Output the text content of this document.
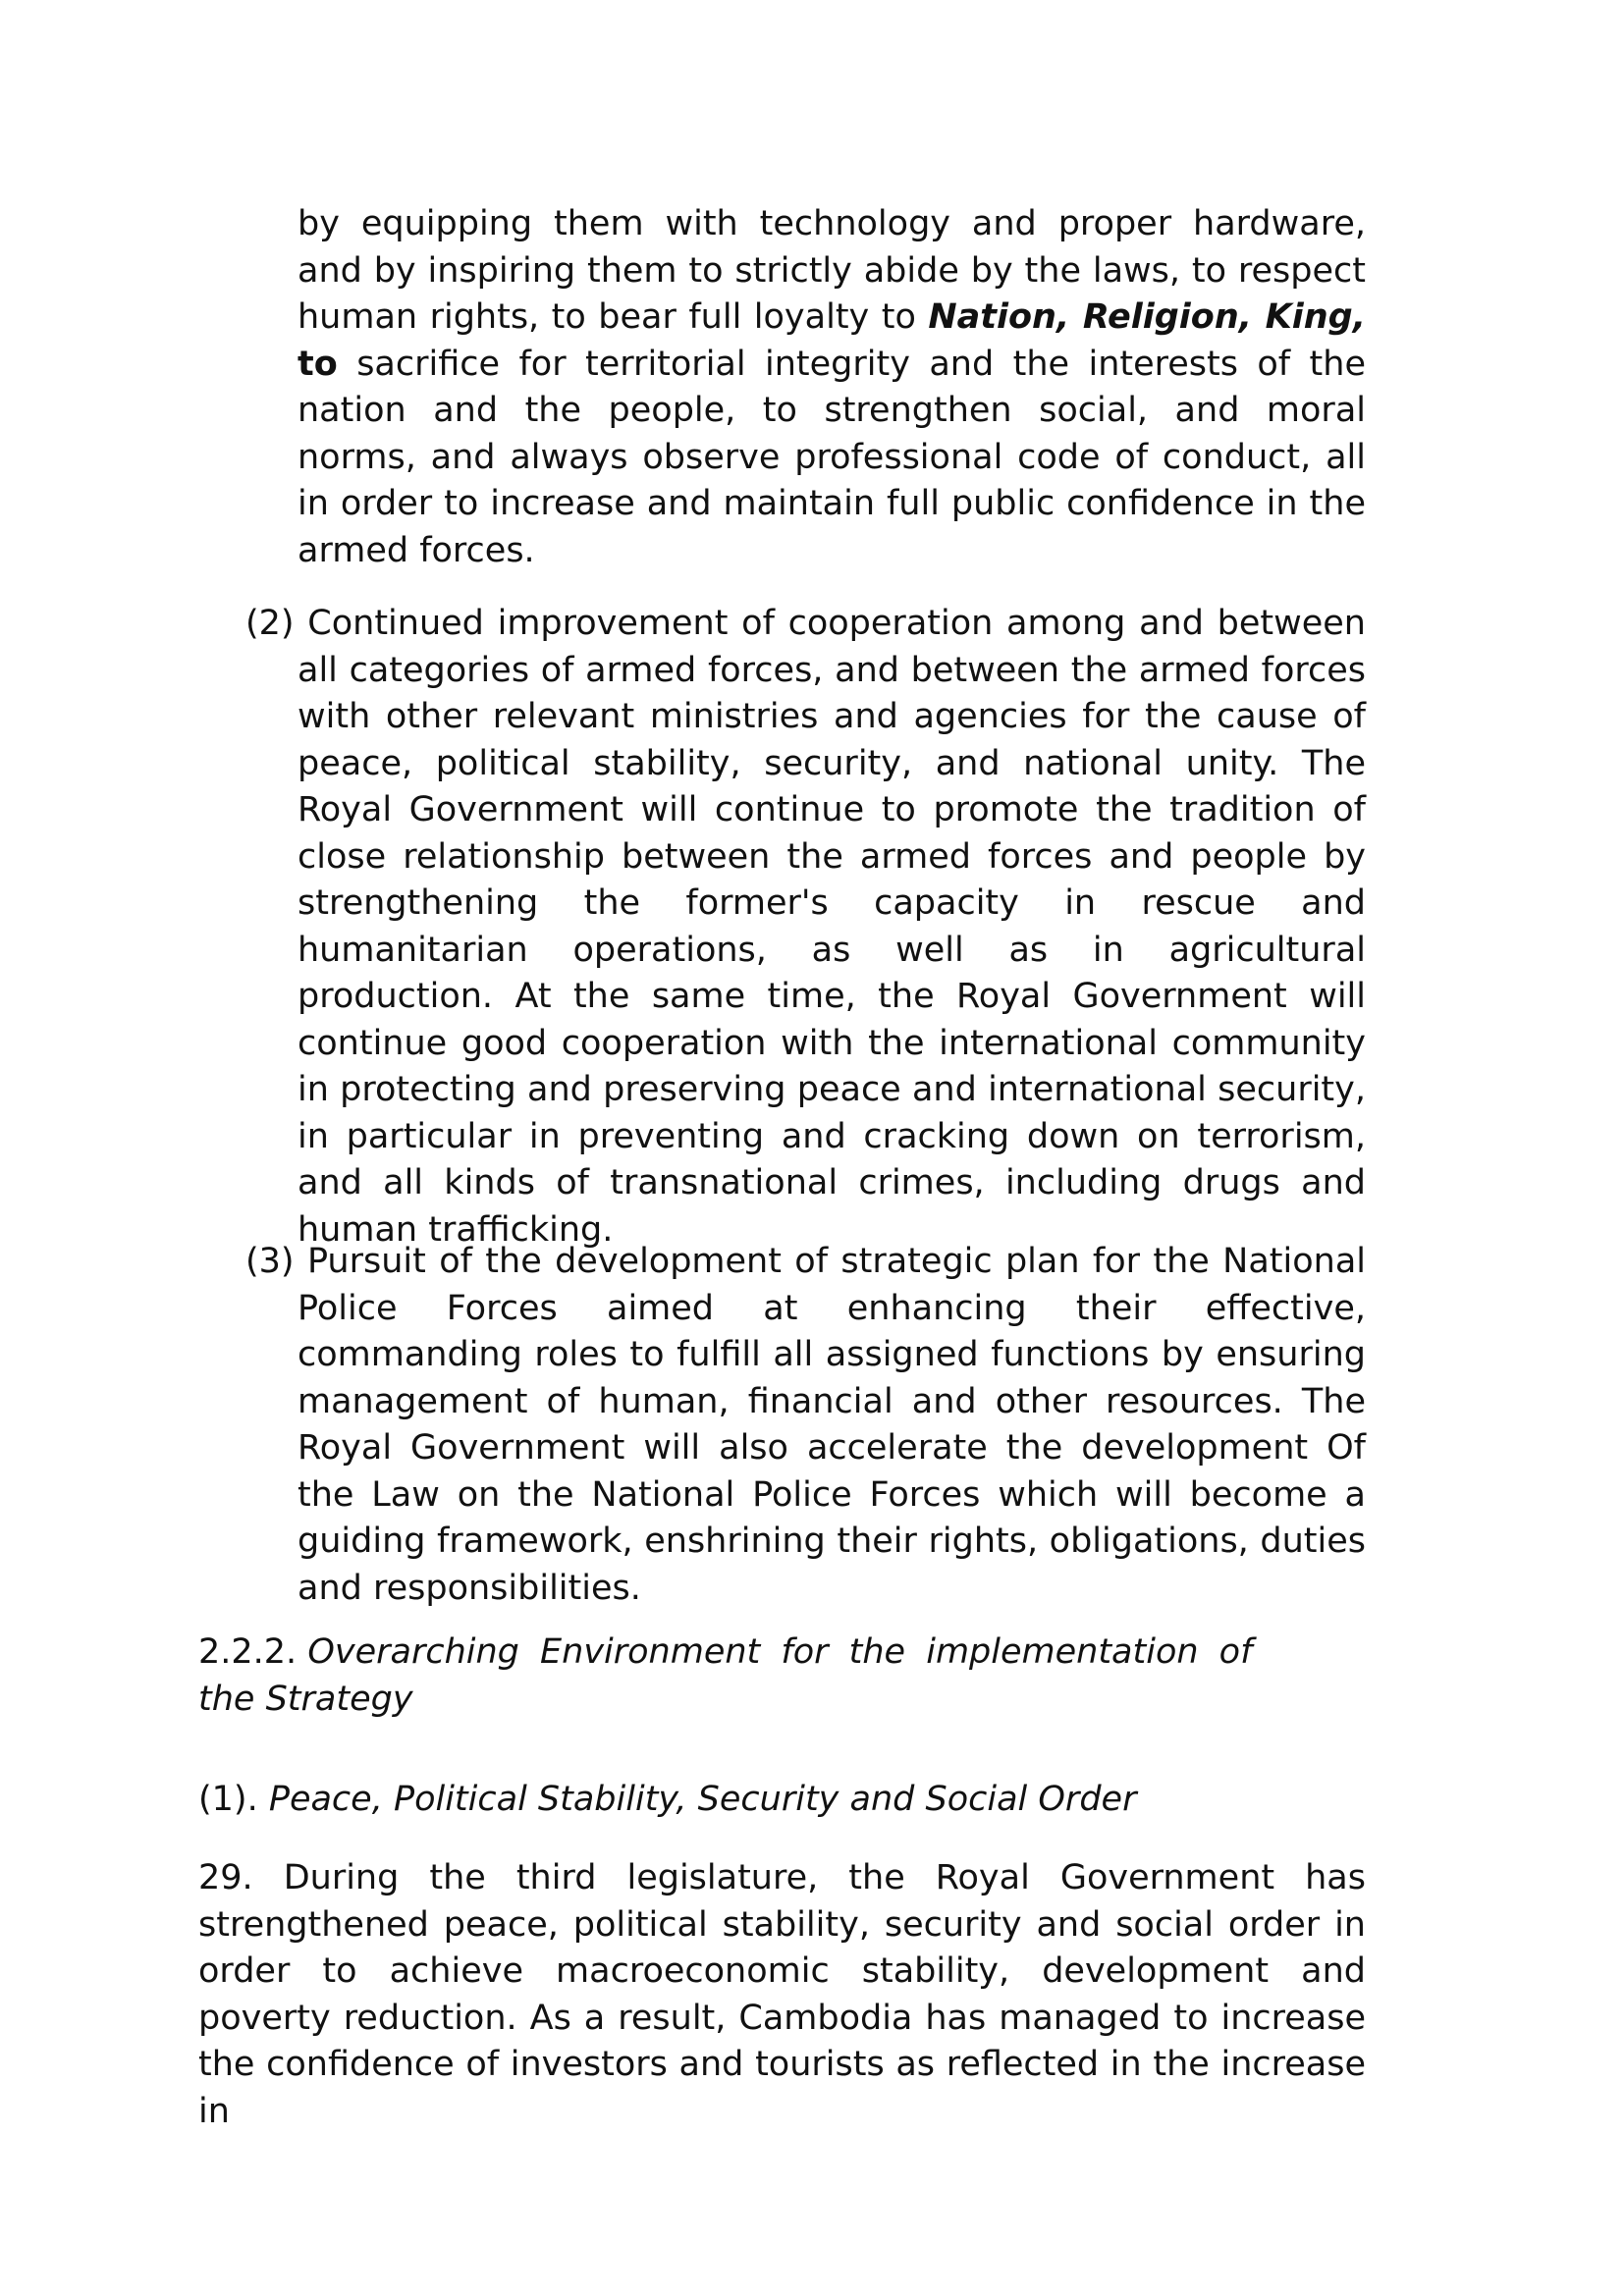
by equipping them with technology and proper hardware, and by inspiring them to strictly abide by the laws, to respect human rights, to bear full loyalty to Nation, Religion, King, to sacrifice for territorial integrity and the interests of the nation and the people, to strengthen social, and moral norms, and always observe professional code of conduct, all in order to increase and maintain full public confidence in the armed forces.

(2) Continued improvement of cooperation among and between all categories of armed forces, and between the armed forces with other relevant ministries and agencies for the cause of peace, political stability, security, and national unity. The Royal Government will continue to promote the tradition of close relationship between the armed forces and people by strengthening the former's capacity in rescue and humanitarian operations, as well as in agricultural production. At the same time, the Royal Government will continue good cooperation with the international community in protecting and preserving peace and international security, in particular in preventing and cracking down on terrorism, and all kinds of transnational crimes, including drugs and human trafficking.

(3) Pursuit of the development of strategic plan for the National Police Forces aimed at enhancing their effective, commanding roles to fulfill all assigned functions by ensuring management of human, financial and other resources. The Royal Government will also accelerate the development Of the Law on the National Police Forces which will become a guiding framework, enshrining their rights, obligations, duties and responsibilities.

2.2.2. Overarching Environment for the implementation of
the Strategy
(1). Peace, Political Stability, Security and Social Order

29. During the third legislature, the Royal Government has strengthened peace, political stability, security and social order in order to achieve macroeconomic stability, development and poverty reduction. As a result, Cambodia has managed to increase the confidence of investors and tourists as reflected in the increase in
